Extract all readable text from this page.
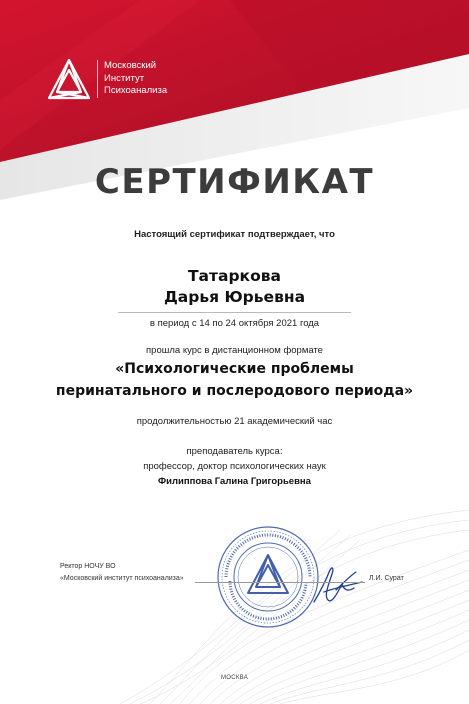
Московский
Институт
Психоанализа
СЕРТИФИКАТ
Настоящий сертификат подтверждает, что
Татаркова
Дарья Юрьевна
в период с 14 по 24 октября 2021 года
прошла курс в дистанционном формате
«Психологические проблемы
перинатального и послеродового периода»
продолжительностью 21 академический час
преподаватель курса:
профессор, доктор психологических наук
Филиппова Галина Григорьевна
Ректор НОЧУ ВО
«Московский институт психоанализа»	Л.И. Сурат
МОСКВА
